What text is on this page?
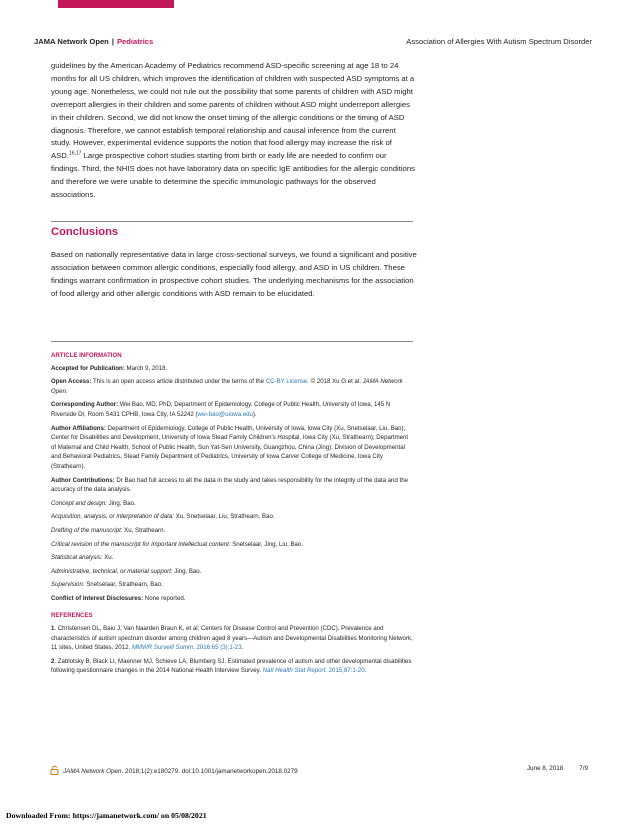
JAMA Network Open | Pediatrics	Association of Allergies With Autism Spectrum Disorder

guidelines by the American Academy of Pediatrics recommend ASD-specific screening at age 18 to 24 months for all US children, which improves the identification of children with suspected ASD symptoms at a young age. Nonetheless, we could not rule out the possibility that some parents of children with ASD might overreport allergies in their children and some parents of children without ASD might underreport allergies in their children. Second, we did not know the onset timing of the allergic conditions or the timing of ASD diagnosis. Therefore, we cannot establish temporal relationship and causal inference from the current study. However, experimental evidence supports the notion that food allergy may increase the risk of ASD.$^{16,17}$ Large prospective cohort studies starting from birth or early life are needed to confirm our findings. Third, the NHIS does not have laboratory data on specific IgE antibodies for the allergic conditions and therefore we were unable to determine the specific immunologic pathways for the observed associations.

Conclusions

Based on nationally representative data in large cross-sectional surveys, we found a significant and positive association between common allergic conditions, especially food allergy, and ASD in US children. These findings warrant confirmation in prospective cohort studies. The underlying mechanisms for the association of food allergy and other allergic conditions with ASD remain to be elucidated.

ARTICLE INFORMATION

Accepted for Publication: March 9, 2018.

Open Access: This is an open access article distributed under the terms of the CC-BY License. © 2018 Xu G et al. JAMA Network Open.

Corresponding Author: Wei Bao, MD, PhD, Department of Epidemiology, College of Public Health, University of Iowa, 145 N Riverside Dr, Room S431 CPHB, Iowa City, IA 52242 (wei-bao@uiowa.edu).

Author Affiliations: Department of Epidemiology, College of Public Health, University of Iowa, Iowa City (Xu, Snetselaar, Liu, Bao); Center for Disabilities and Development, University of Iowa Stead Family Children's Hospital, Iowa City (Xu, Strathearn); Department of Maternal and Child Health, School of Public Health, Sun Yat-Sen University, Guangzhou, China (Jing); Division of Developmental and Behavioral Pediatrics, Stead Family Department of Pediatrics, University of Iowa Carver College of Medicine, Iowa City (Strathearn).

Author Contributions: Dr Bao had full access to all the data in the study and takes responsibility for the integrity of the data and the accuracy of the data analysis.

Concept and design: Jing, Bao.

Acquisition, analysis, or interpretation of data: Xu, Snetselaar, Liu, Strathearn, Bao.

Drafting of the manuscript: Xu, Strathearn.

Critical revision of the manuscript for important intellectual content: Snetselaar, Jing, Liu, Bao.

Statistical analysis: Xu.

Administrative, technical, or material support: Jing, Bao.

Supervision: Snetselaar, Strathearn, Bao.

Conflict of Interest Disclosures: None reported.

REFERENCES

1. Christensen DL, Baio J, Van Naarden Braun K, et al; Centers for Disease Control and Prevention (CDC). Prevalence and characteristics of autism spectrum disorder among children aged 8 years—Autism and Developmental Disabilities Monitoring Network, 11 sites, United States, 2012. MMWR Surveill Summ. 2016;65 (3):1-23.

2. Zablotsky B, Black LI, Maenner MJ, Schieve LA, Blumberg SJ. Estimated prevalence of autism and other developmental disabilities following questionnaire changes in the 2014 National Health Interview Survey. Natl Health Stat Report. 2015;87:1-20.

JAMA Network Open. 2018;1(2):e180279. doi:10.1001/jamanetworkopen.2018.0279	June 8, 2018	7/9
Downloaded From: https://jamanetwork.com/ on 05/08/2021
